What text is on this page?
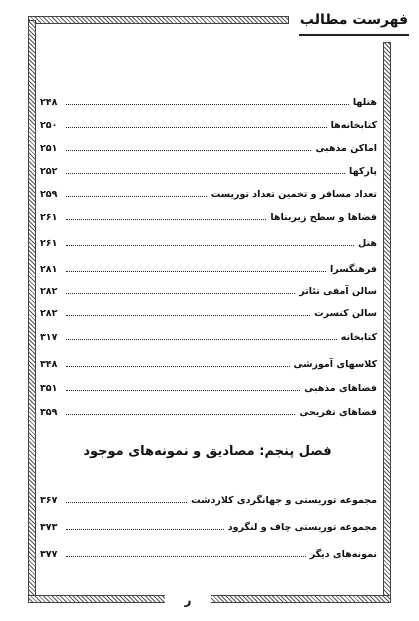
فهرست مطالب
هتلها
۲۴۸
کتابخانه‌ها
۲۵۰
اماکن مذهبی
۲۵۱
پارکها
۲۵۲
تعداد مسافر و تخمین تعداد توریست
۲۵۹
فضاها و سطح زیربناها
۲۶۱
هتل
۲۶۱
فرهنگسرا
۲۸۱
سالن آمفی تئاتر
۲۸۲
سالن کنسرت
۲۸۲
کتابخانه
۳۱۷
کلاسهای آموزشی
۳۴۸
فضاهای مذهبی
۳۵۱
فضاهای تفریحی
۳۵۹
فصل پنجم: مصادیق و نمونه‌های موجود
مجموعه توریستی و جهانگردی کلاردشت
۳۶۷
مجموعه توریستی چاف و لنگرود
۳۷۳
نمونه‌های دیگر
۳۷۷
ر
